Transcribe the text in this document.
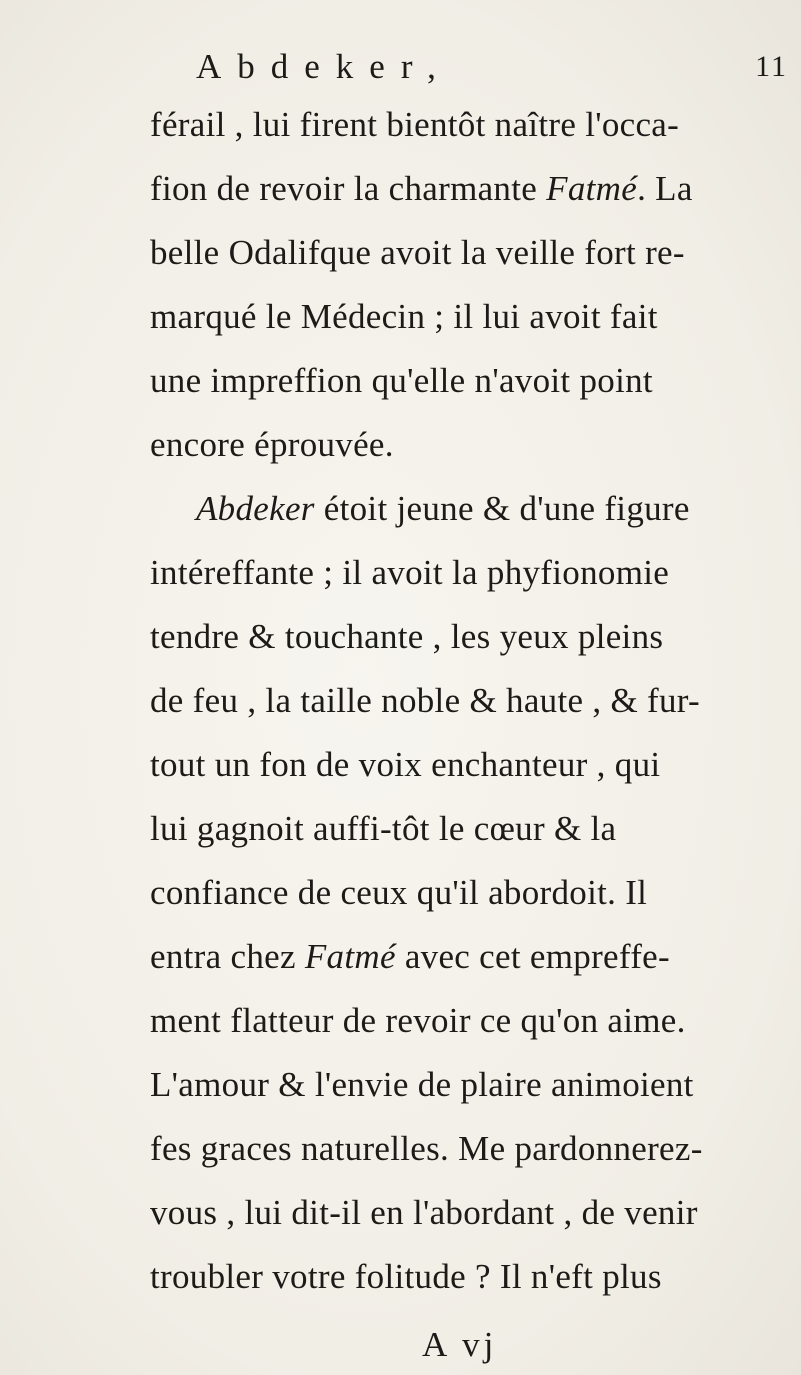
Abdeker,	11
férail , lui firent bientôt naître l'occa-
fion de revoir la charmante Fatmé. La
belle Odalifque avoit la veille fort re-
marqué le Médecin ; il lui avoit fait
une impreffion qu'elle n'avoit point
encore éprouvée.
Abdeker étoit jeune & d'une figure
intéreffante ; il avoit la phyfionomie
tendre & touchante , les yeux pleins
de feu , la taille noble & haute , & fur-
tout un fon de voix enchanteur , qui
lui gagnoit auffi-tôt le cœur & la
confiance de ceux qu'il abordoit. Il
entra chez Fatmé avec cet empreffe-
ment flatteur de revoir ce qu'on aime.
L'amour & l'envie de plaire animoient
fes graces naturelles. Me pardonnerez-
vous , lui dit-il en l'abordant , de venir
troubler votre folitude ? Il n'eft plus
A vj
